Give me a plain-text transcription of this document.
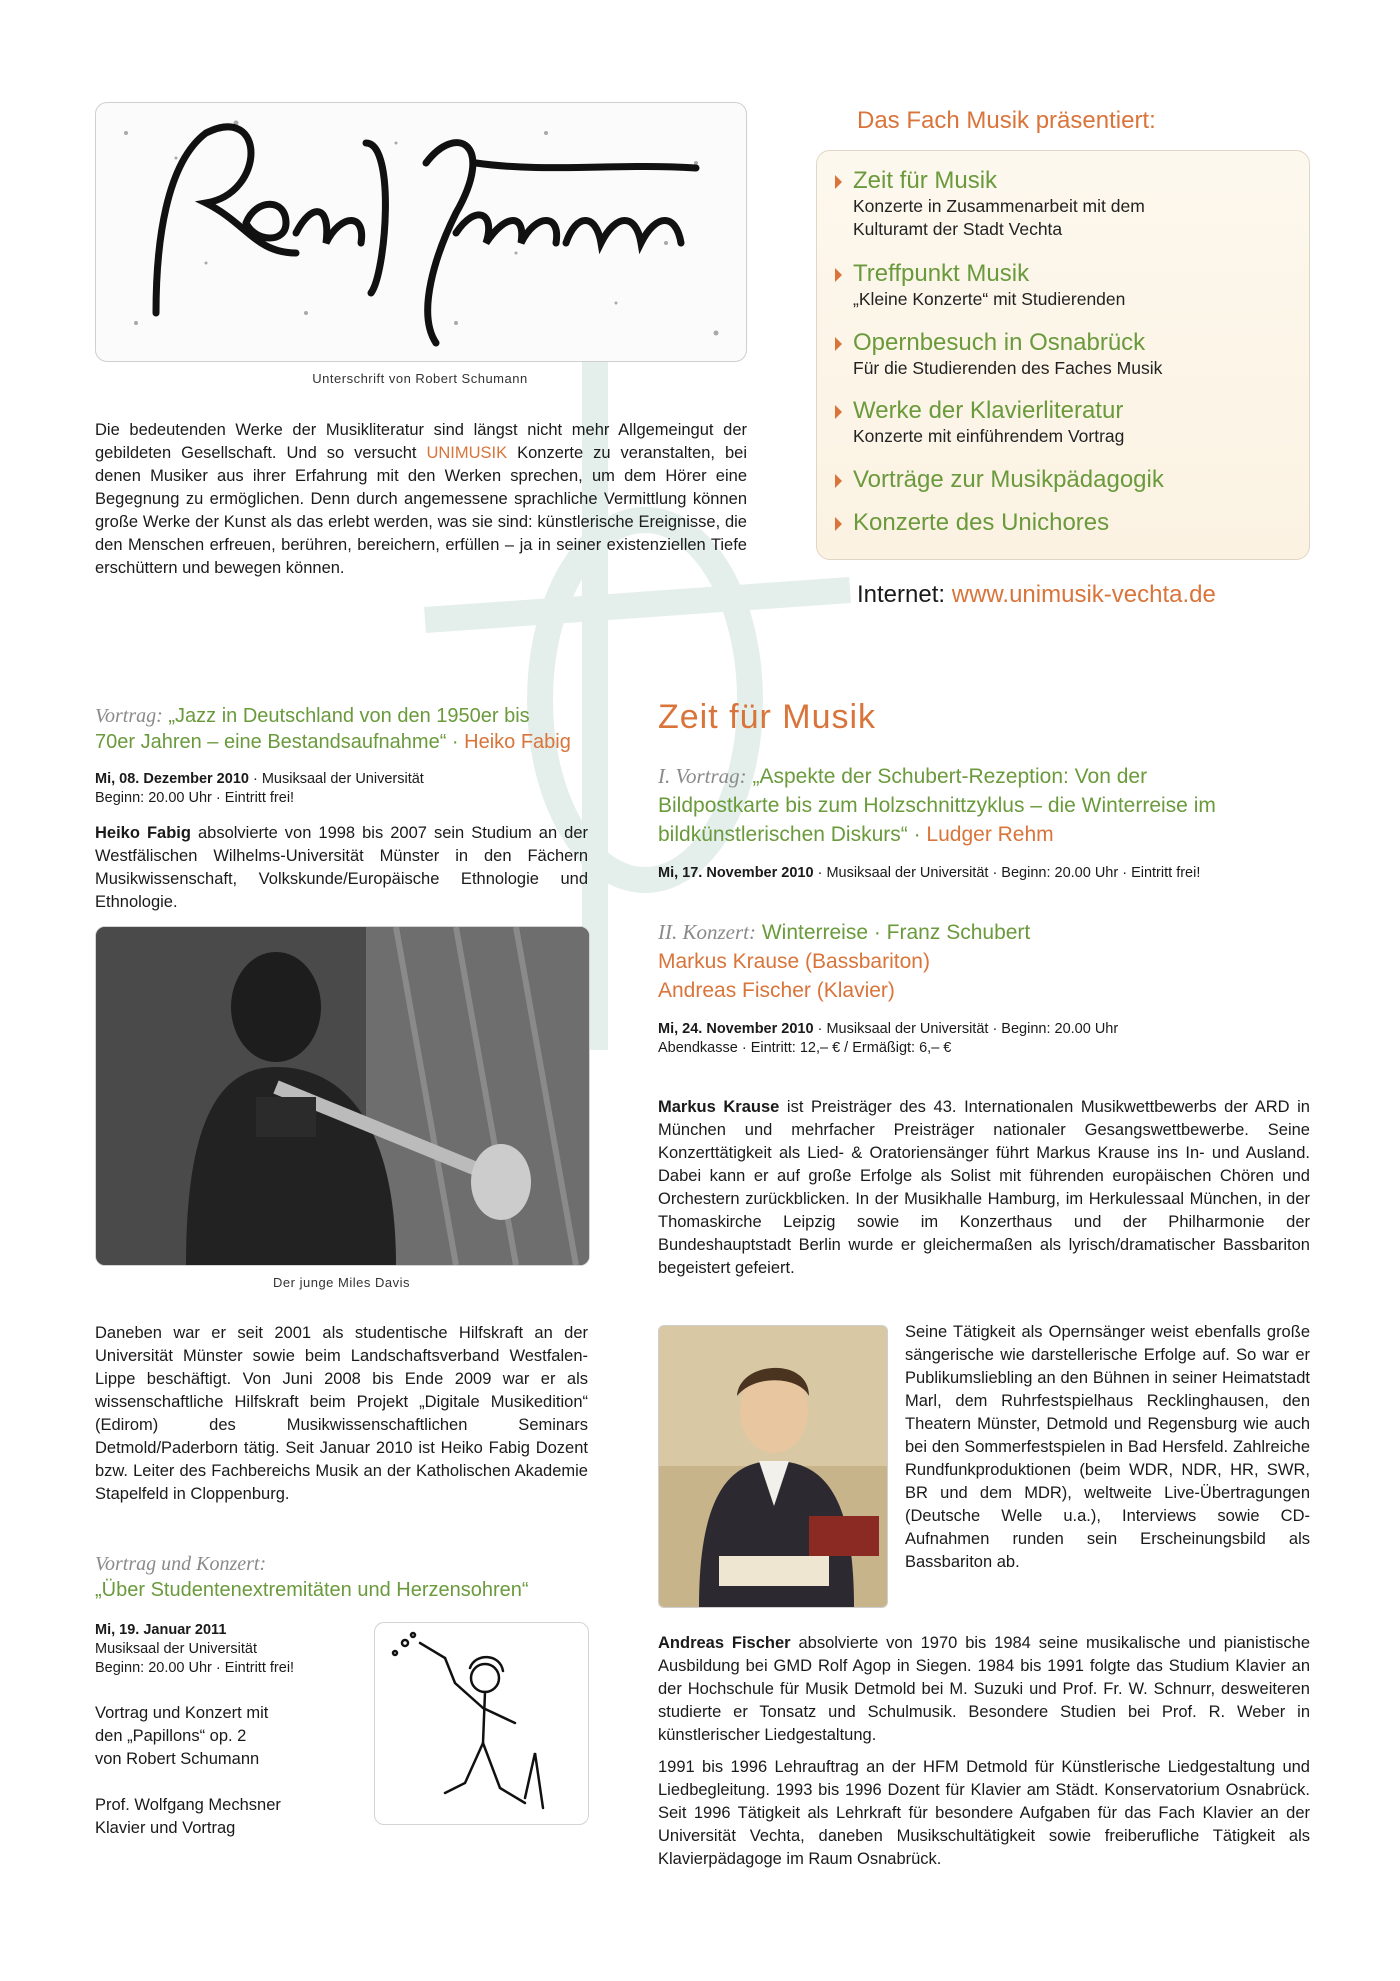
Unterschrift von Robert Schumann
Die bedeutenden Werke der Musikliteratur sind längst nicht mehr Allgemeingut der gebildeten Gesellschaft. Und so versucht UNIMUSIK Konzerte zu veranstalten, bei denen Musiker aus ihrer Erfahrung mit den Werken sprechen, um dem Hörer eine Begegnung zu ermöglichen. Denn durch angemessene sprachliche Vermittlung können große Werke der Kunst als das erlebt werden, was sie sind: künstlerische Ereignisse, die den Menschen erfreuen, berühren, bereichern, erfüllen – ja in seiner existenziellen Tiefe erschüttern und bewegen können.
Das Fach Musik präsentiert:
Zeit für Musik
Konzerte in Zusammenarbeit mit dem
Kulturamt der Stadt Vechta
Treffpunkt Musik
„Kleine Konzerte“ mit Studierenden
Opernbesuch in Osnabrück
Für die Studierenden des Faches Musik
Werke der Klavierliteratur
Konzerte mit einführendem Vortrag
Vorträge zur Musikpädagogik
Konzerte des Unichores
Internet: www.unimusik-vechta.de
Vortrag: „Jazz in Deutschland von den 1950er bis
70er Jahren – eine Bestandsaufnahme“ · Heiko Fabig
Mi, 08. Dezember 2010 · Musiksaal der Universität
Beginn: 20.00 Uhr · Eintritt frei!
Heiko Fabig absolvierte von 1998 bis 2007 sein Studium an der Westfälischen Wilhelms-Universität Münster in den Fächern Musikwissenschaft, Volkskunde/Europäische Ethnologie und Ethnologie.
Der junge Miles Davis
Daneben war er seit 2001 als studentische Hilfskraft an der Universität Münster sowie beim Landschaftsverband Westfalen-Lippe beschäftigt. Von Juni 2008 bis Ende 2009 war er als wissenschaftliche Hilfskraft beim Projekt „Digitale Musikedition“ (Edirom) des Musikwissenschaftlichen Seminars Detmold/Paderborn tätig. Seit Januar 2010 ist Heiko Fabig Dozent bzw. Leiter des Fachbereichs Musik an der Katholischen Akademie Stapelfeld in Cloppenburg.
Vortrag und Konzert:
„Über Studentenextremitäten und Herzensohren“
Mi, 19. Januar 2011
Musiksaal der Universität
Beginn: 20.00 Uhr · Eintritt frei!
Vortrag und Konzert mit
den „Papillons“ op. 2
von Robert Schumann
Prof. Wolfgang Mechsner
Klavier und Vortrag
Zeit für Musik
I. Vortrag: „Aspekte der Schubert-Rezeption: Von der
Bildpostkarte bis zum Holzschnittzyklus – die Winterreise im
bildkünstlerischen Diskurs“ · Ludger Rehm
Mi, 17. November 2010 · Musiksaal der Universität · Beginn: 20.00 Uhr · Eintritt frei!
II. Konzert: Winterreise · Franz Schubert
Markus Krause (Bassbariton)
Andreas Fischer (Klavier)
Mi, 24. November 2010 · Musiksaal der Universität · Beginn: 20.00 Uhr
Abendkasse · Eintritt: 12,– € / Ermäßigt: 6,– €
Markus Krause ist Preisträger des 43. Internationalen Musikwettbewerbs der ARD in München und mehrfacher Preisträger nationaler Gesangswettbewerbe. Seine Konzerttätigkeit als Lied- & Oratoriensänger führt Markus Krause ins In- und Ausland. Dabei kann er auf große Erfolge als Solist mit führenden europäischen Chören und Orchestern zurückblicken. In der Musikhalle Hamburg, im Herkulessaal München, in der Thomaskirche Leipzig sowie im Konzerthaus und der Philharmonie der Bundeshauptstadt Berlin wurde er gleichermaßen als lyrisch/dramatischer Bassbariton begeistert gefeiert.
Seine Tätigkeit als Opernsänger weist ebenfalls große sängerische wie darstellerische Erfolge auf. So war er Publikumsliebling an den Bühnen in seiner Heimatstadt Marl, dem Ruhrfestspielhaus Recklinghausen, den Theatern Münster, Detmold und Regensburg wie auch bei den Sommerfestspielen in Bad Hersfeld. Zahlreiche Rundfunkproduktionen (beim WDR, NDR, HR, SWR, BR und dem MDR), weltweite Live-Übertragungen (Deutsche Welle u.a.), Interviews sowie CD-Aufnahmen runden sein Erscheinungsbild als Bassbariton ab.
Andreas Fischer absolvierte von 1970 bis 1984 seine musikalische und pianistische Ausbildung bei GMD Rolf Agop in Siegen. 1984 bis 1991 folgte das Studium Klavier an der Hochschule für Musik Detmold bei M. Suzuki und Prof. Fr. W. Schnurr, desweiteren studierte er Tonsatz und Schulmusik. Besondere Studien bei Prof. R. Weber in künstlerischer Liedgestaltung.
1991 bis 1996 Lehrauftrag an der HFM Detmold für Künstlerische Liedgestaltung und Liedbegleitung. 1993 bis 1996 Dozent für Klavier am Städt. Konservatorium Osnabrück. Seit 1996 Tätigkeit als Lehrkraft für besondere Aufgaben für das Fach Klavier an der Universität Vechta, daneben Musikschultätigkeit sowie freiberufliche Tätigkeit als Klavierpädagoge im Raum Osnabrück.
